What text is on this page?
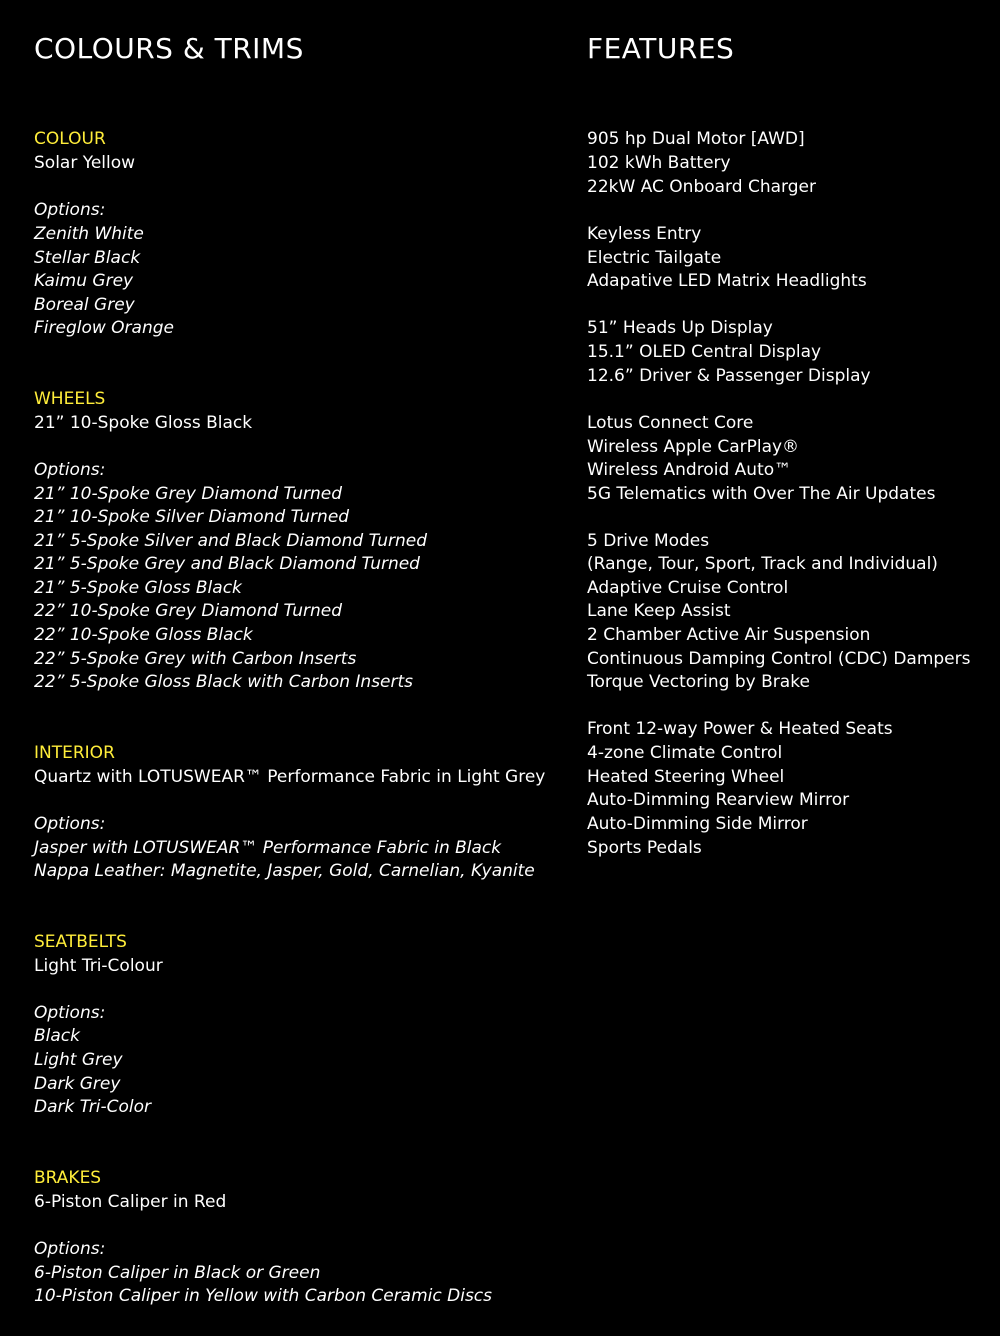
COLOURS & TRIMS
COLOUR
Solar Yellow
Options:
Zenith White
Stellar Black
Kaimu Grey
Boreal Grey
Fireglow Orange
WHEELS
21” 10-Spoke Gloss Black
Options:
21” 10-Spoke Grey Diamond Turned
21” 10-Spoke Silver Diamond Turned
21” 5-Spoke Silver and Black Diamond Turned
21” 5-Spoke Grey and Black Diamond Turned
21” 5-Spoke Gloss Black
22” 10-Spoke Grey Diamond Turned
22” 10-Spoke Gloss Black
22” 5-Spoke Grey with Carbon Inserts
22” 5-Spoke Gloss Black with Carbon Inserts
INTERIOR
Quartz with LOTUSWEAR™ Performance Fabric in Light Grey
Options:
Jasper with LOTUSWEAR™ Performance Fabric in Black
Nappa Leather: Magnetite, Jasper, Gold, Carnelian, Kyanite
SEATBELTS
Light Tri-Colour
Options:
Black
Light Grey
Dark Grey
Dark Tri-Color
BRAKES
6-Piston Caliper in Red
Options:
6-Piston Caliper in Black or Green
10-Piston Caliper in Yellow with Carbon Ceramic Discs
FEATURES
905 hp Dual Motor [AWD]
102 kWh Battery
22kW AC Onboard Charger
Keyless Entry
Electric Tailgate
Adapative LED Matrix Headlights
51” Heads Up Display
15.1” OLED Central Display
12.6” Driver & Passenger Display
Lotus Connect Core
Wireless Apple CarPlay®
Wireless Android Auto™
5G Telematics with Over The Air Updates
5 Drive Modes
(Range, Tour, Sport, Track and Individual)
Adaptive Cruise Control
Lane Keep Assist
2 Chamber Active Air Suspension
Continuous Damping Control (CDC) Dampers
Torque Vectoring by Brake
Front 12-way Power & Heated Seats
4-zone Climate Control
Heated Steering Wheel
Auto-Dimming Rearview Mirror
Auto-Dimming Side Mirror
Sports Pedals
